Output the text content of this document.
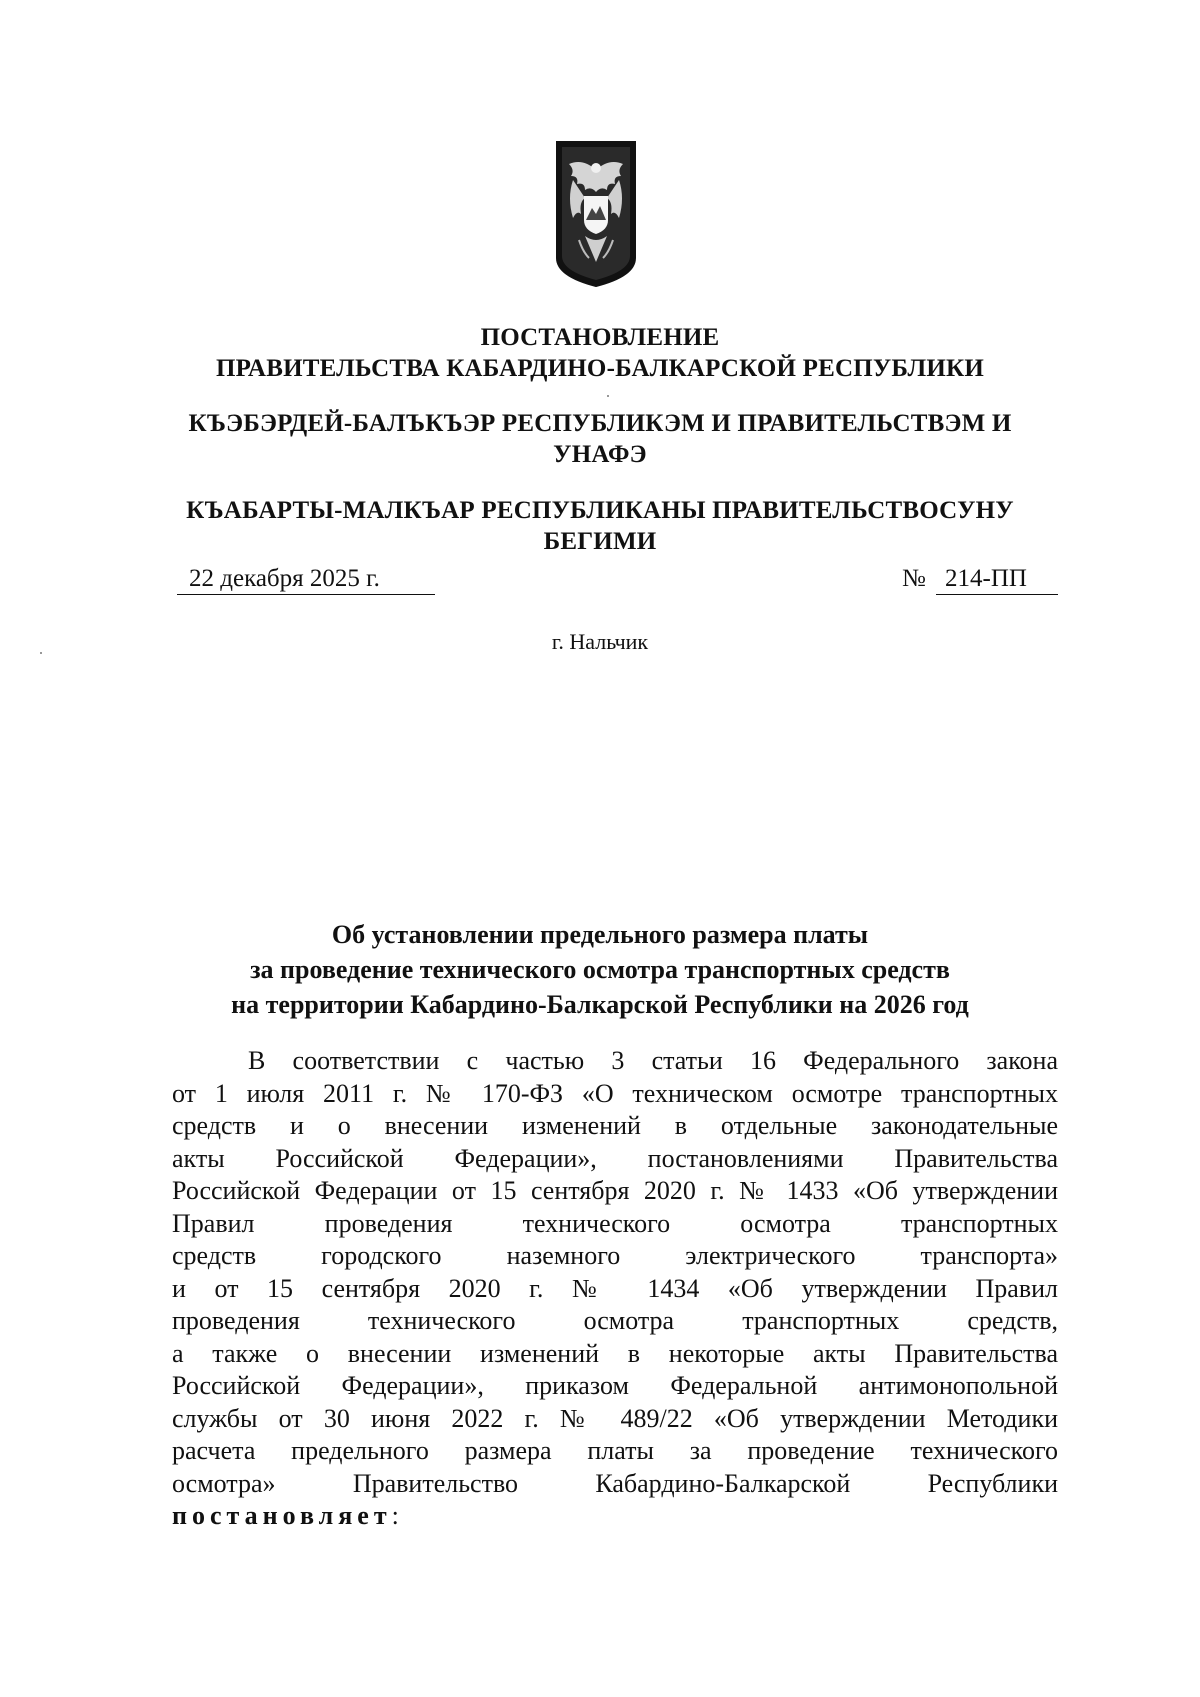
ПОСТАНОВЛЕНИЕ
ПРАВИТЕЛЬСТВА КАБАРДИНО-БАЛКАРСКОЙ РЕСПУБЛИКИ
КЪЭБЭРДЕЙ-БАЛЪКЪЭР РЕСПУБЛИКЭМ И ПРАВИТЕЛЬСТВЭМ И
УНАФЭ
КЪАБАРТЫ-МАЛКЪАР РЕСПУБЛИКАНЫ ПРАВИТЕЛЬСТВОСУНУ
БЕГИМИ
22 декабря 2025 г.	№ 214-ПП
г. Нальчик
Об установлении предельного размера платы
за проведение технического осмотра транспортных средств
на территории Кабардино-Балкарской Республики на 2026 год
В соответствии с частью 3 статьи 16 Федерального закона
от 1 июля 2011 г. № 170-ФЗ «О техническом осмотре транспортных
средств и о внесении изменений в отдельные законодательные
акты Российской Федерации», постановлениями Правительства
Российской Федерации от 15 сентября 2020 г. № 1433 «Об утверждении
Правил проведения технического осмотра транспортных
средств городского наземного электрического транспорта»
и от 15 сентября 2020 г. № 1434 «Об утверждении Правил
проведения технического осмотра транспортных средств,
а также о внесении изменений в некоторые акты Правительства
Российской Федерации», приказом Федеральной антимонопольной
службы от 30 июня 2022 г. № 489/22 «Об утверждении Методики
расчета предельного размера платы за проведение технического
осмотра» Правительство Кабардино-Балкарской Республики
постановляет:
